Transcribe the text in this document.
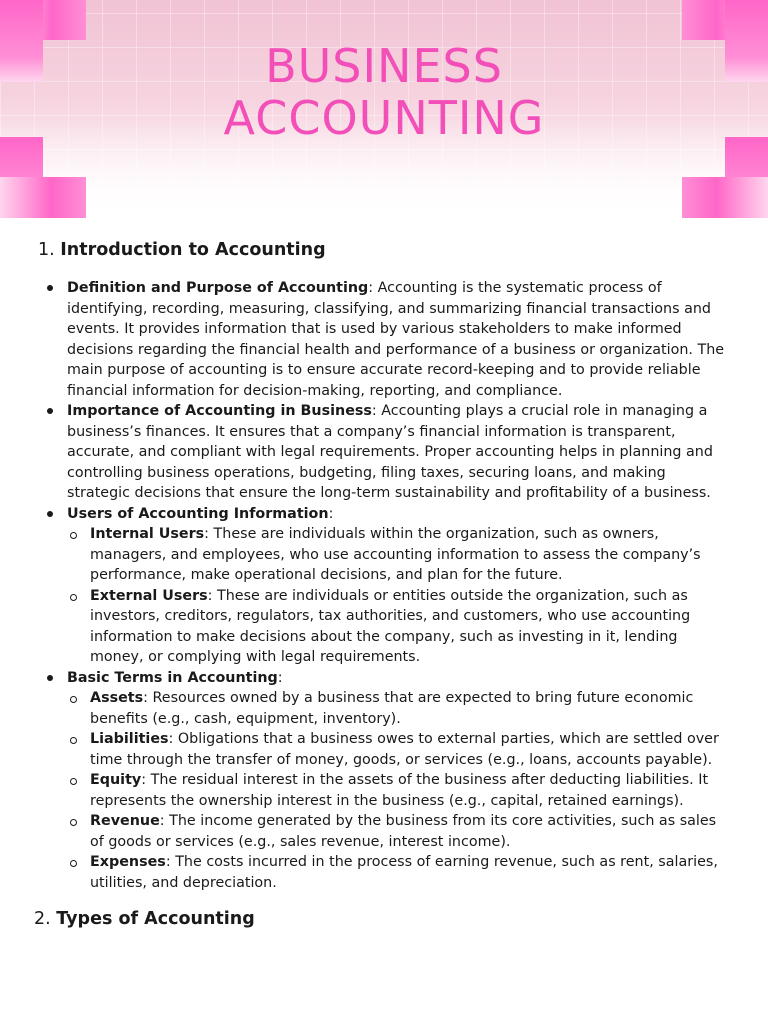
BUSINESS
ACCOUNTING
1. Introduction to Accounting
Definition and Purpose of Accounting: Accounting is the systematic process of identifying, recording, measuring, classifying, and summarizing financial transactions and events. It provides information that is used by various stakeholders to make informed decisions regarding the financial health and performance of a business or organization. The main purpose of accounting is to ensure accurate record-keeping and to provide reliable financial information for decision-making, reporting, and compliance.
Importance of Accounting in Business: Accounting plays a crucial role in managing a business’s finances. It ensures that a company’s financial information is transparent, accurate, and compliant with legal requirements. Proper accounting helps in planning and controlling business operations, budgeting, filing taxes, securing loans, and making strategic decisions that ensure the long-term sustainability and profitability of a business.
Users of Accounting Information:
Internal Users: These are individuals within the organization, such as owners, managers, and employees, who use accounting information to assess the company’s performance, make operational decisions, and plan for the future.
External Users: These are individuals or entities outside the organization, such as investors, creditors, regulators, tax authorities, and customers, who use accounting information to make decisions about the company, such as investing in it, lending money, or complying with legal requirements.
Basic Terms in Accounting:
Assets: Resources owned by a business that are expected to bring future economic benefits (e.g., cash, equipment, inventory).
Liabilities: Obligations that a business owes to external parties, which are settled over time through the transfer of money, goods, or services (e.g., loans, accounts payable).
Equity: The residual interest in the assets of the business after deducting liabilities. It represents the ownership interest in the business (e.g., capital, retained earnings).
Revenue: The income generated by the business from its core activities, such as sales of goods or services (e.g., sales revenue, interest income).
Expenses: The costs incurred in the process of earning revenue, such as rent, salaries, utilities, and depreciation.
2. Types of Accounting
